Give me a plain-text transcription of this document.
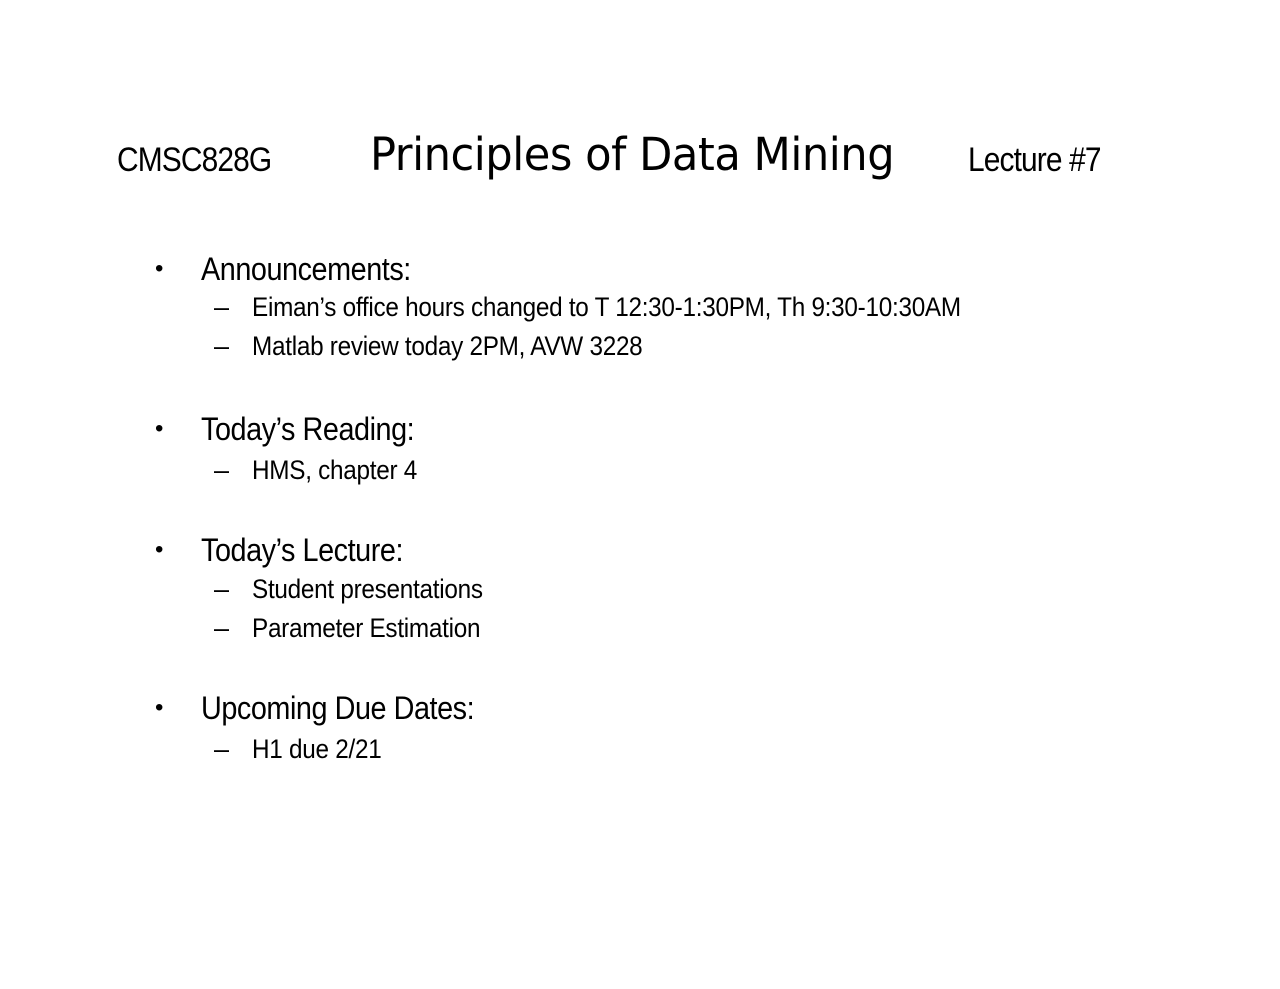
CMSC828G Principles of Data Mining Lecture #7
•	Announcements:
– Eiman’s office hours changed to T 12:30-1:30PM, Th 9:30-10:30AM
– Matlab review today 2PM, AVW 3228
•	Today’s Reading:
– HMS, chapter 4
•	Today’s Lecture:
– Student presentations
– Parameter Estimation
•	Upcoming Due Dates:
– H1 due 2/21
